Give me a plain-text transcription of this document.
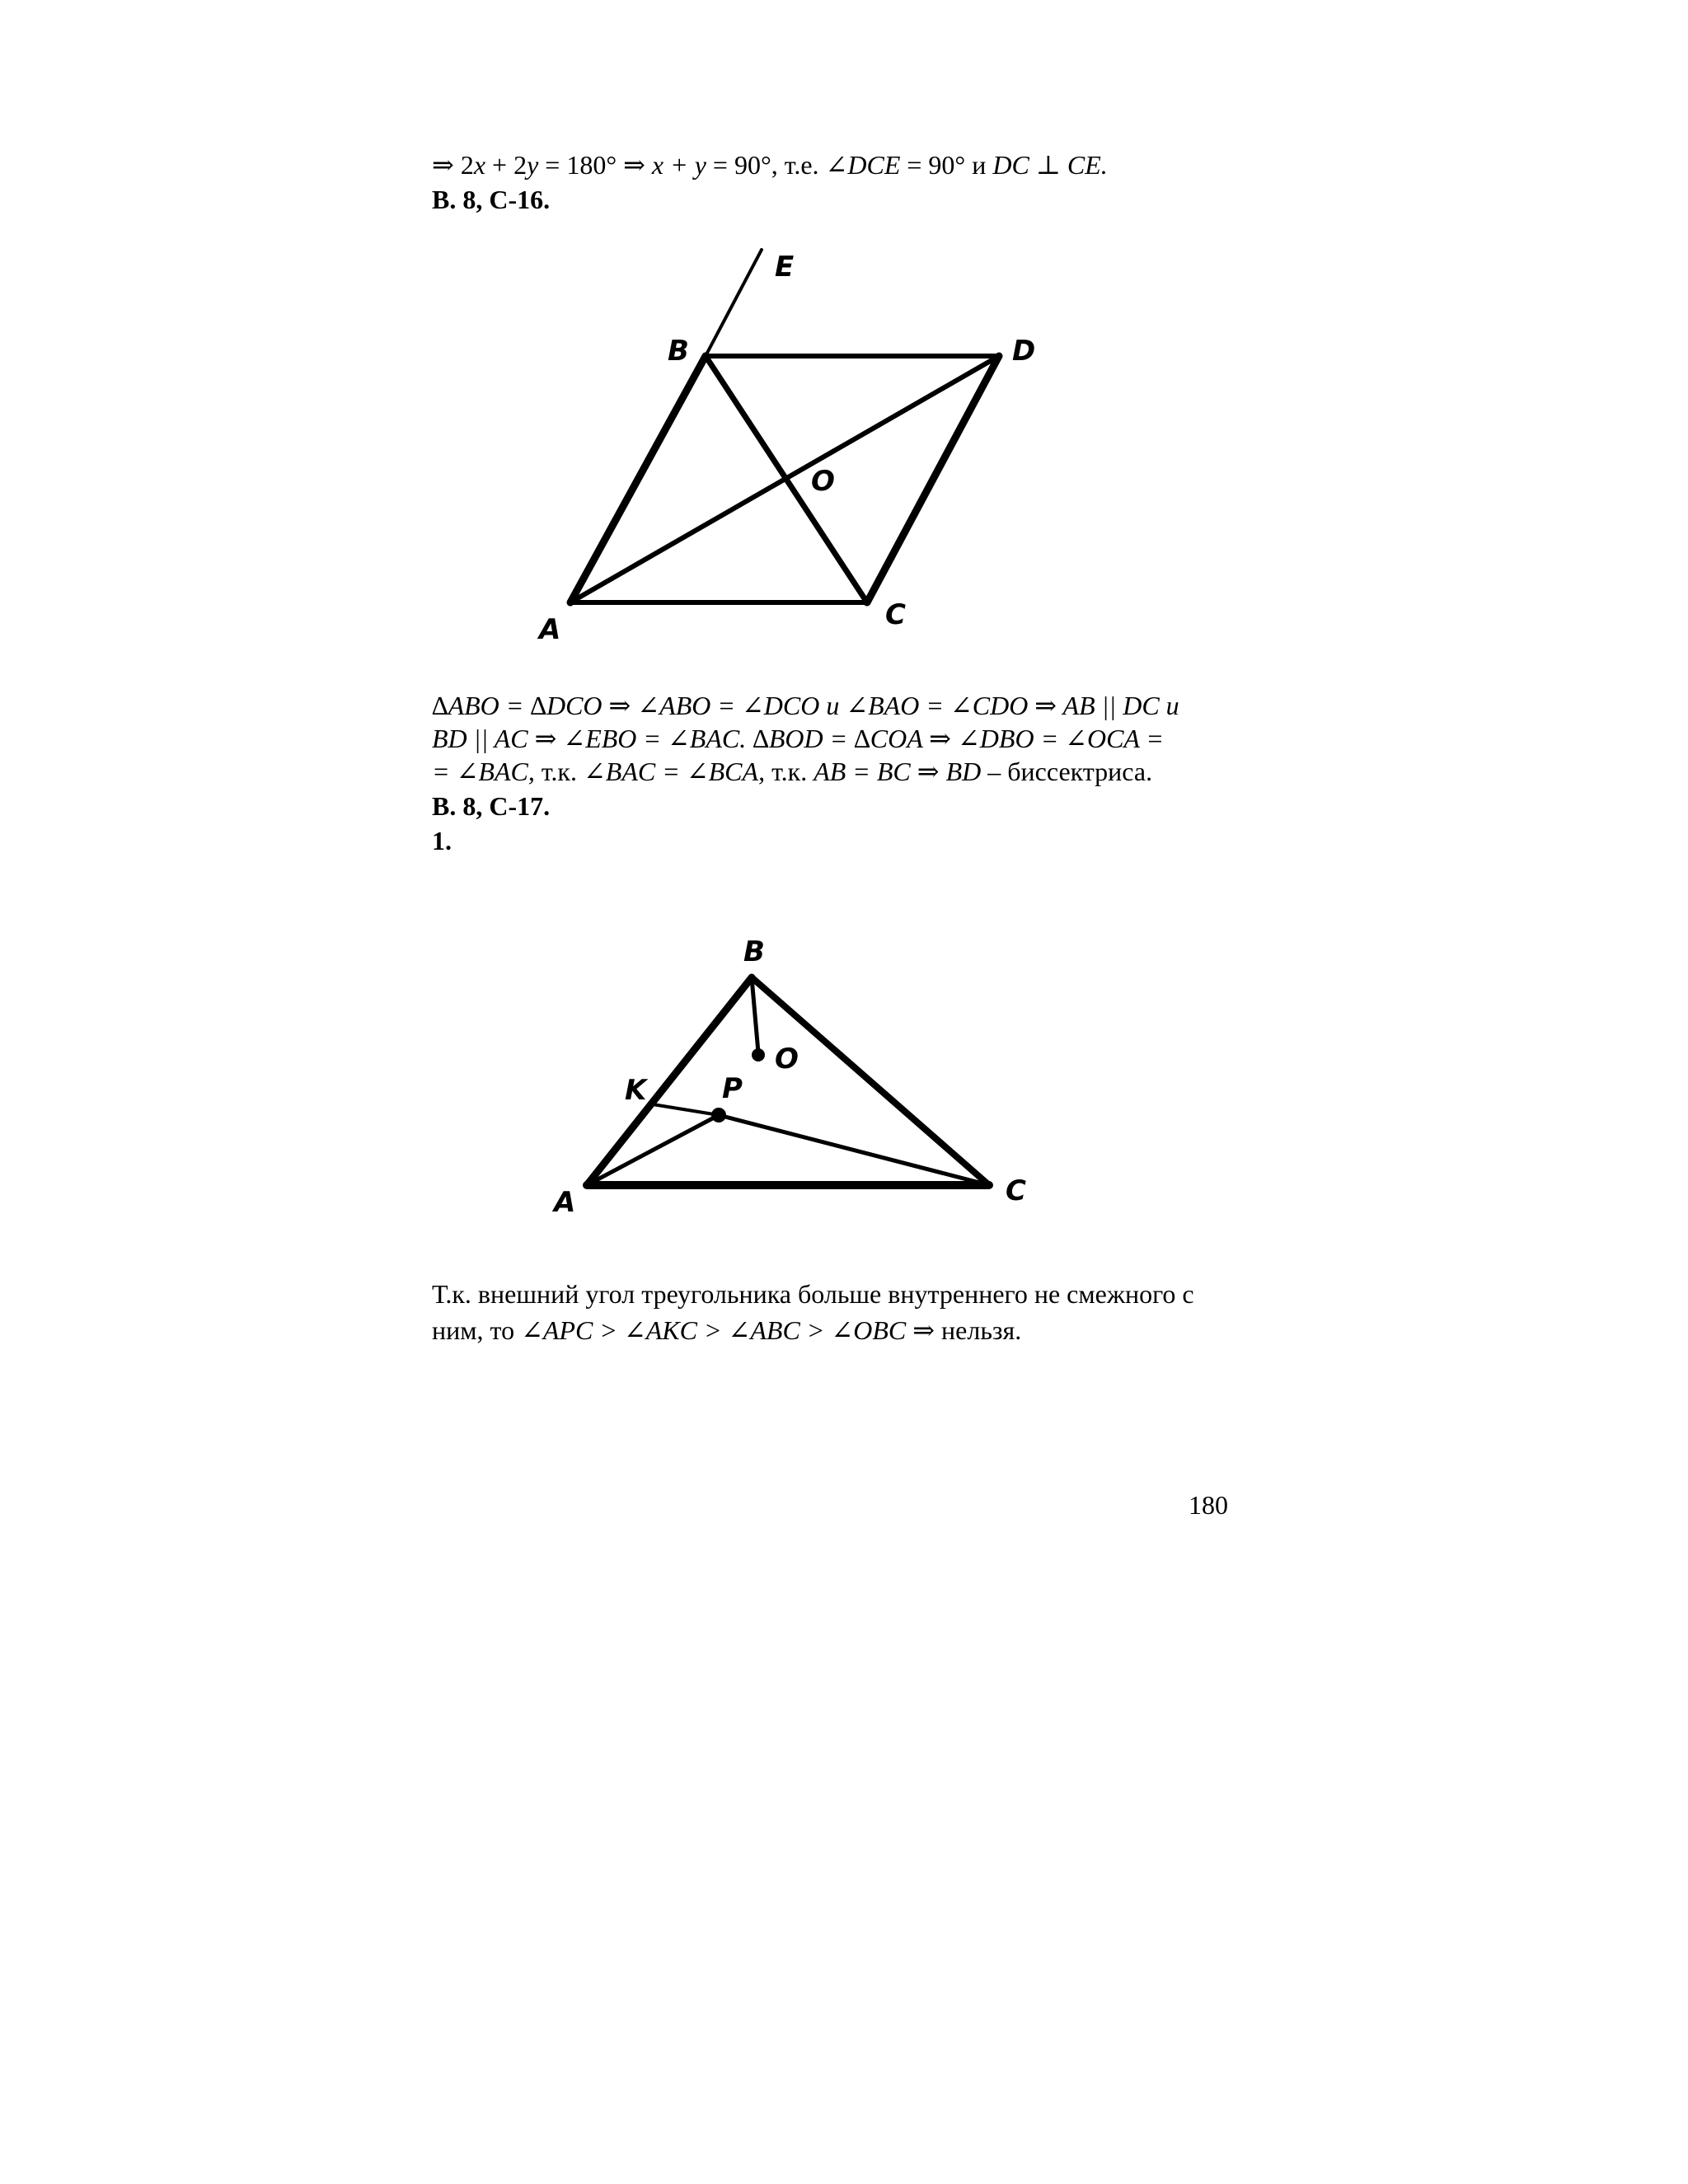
⇒ 2x + 2y = 180° ⇒ x + y = 90°, т.е. ∠DCE = 90° и DC ⊥ CE.
В. 8, С-16.
E
B	D
O
A	C
∆ABO = ∆DCO ⇒ ∠ABO = ∠DCO и ∠BAO = ∠CDO ⇒ AB || DC и
BD || AC ⇒ ∠EBO = ∠BAC. ∆BOD = ∆COA ⇒ ∠DBO = ∠OCA =
= ∠BAC, т.к. ∠BAC = ∠BCA, т.к. AB = BC ⇒ BD – биссектриса.
В. 8, С-17.
1.
B
O
K	P
A	C
Т.к. внешний угол треугольника больше внутреннего не смежного с
ним, то ∠APC > ∠AKC > ∠ABC > ∠OBC ⇒ нельзя.
180
